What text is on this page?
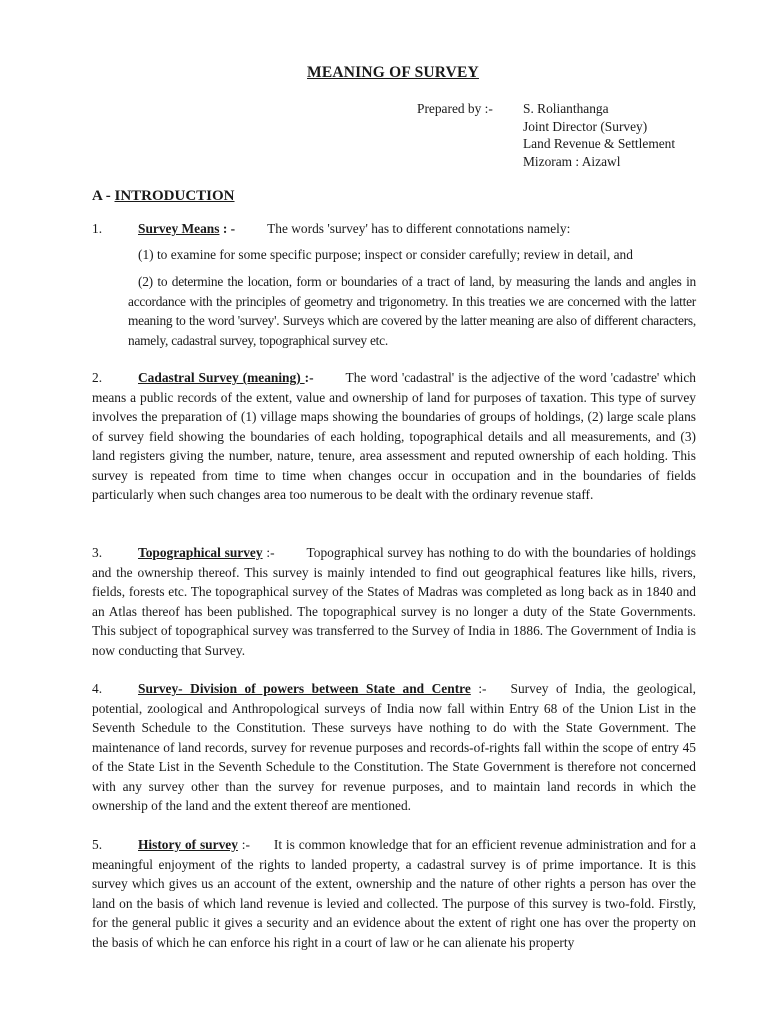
MEANING OF SURVEY
Prepared by :- S. Rolianthanga
Joint Director (Survey)
Land Revenue & Settlement
Mizoram : Aizawl
A - INTRODUCTION
1.	Survey Means : - The words 'survey' has to different connotations namely:
(1) to examine for some specific purpose; inspect or consider carefully; review in detail, and
(2) to determine the location, form or boundaries of a tract of land, by measuring the lands and angles in accordance with the principles of geometry and trigonometry. In this treaties we are concerned with the latter meaning to the word 'survey'. Surveys which are covered by the latter meaning are also of different characters, namely, cadastral survey, topographical survey etc.
2.	Cadastral Survey (meaning) :- The word 'cadastral' is the adjective of the word 'cadastre' which means a public records of the extent, value and ownership of land for purposes of taxation. This type of survey involves the preparation of (1) village maps showing the boundaries of groups of holdings, (2) large scale plans of survey field showing the boundaries of each holding, topographical details and all measurements, and (3) land registers giving the number, nature, tenure, area assessment and reputed ownership of each holding. This survey is repeated from time to time when changes occur in occupation and in the boundaries of fields particularly when such changes area too numerous to be dealt with the ordinary revenue staff.
3.	Topographical survey :- Topographical survey has nothing to do with the boundaries of holdings and the ownership thereof. This survey is mainly intended to find out geographical features like hills, rivers, fields, forests etc. The topographical survey of the States of Madras was completed as long back as in 1840 and an Atlas thereof has been published. The topographical survey is no longer a duty of the State Governments. This subject of topographical survey was transferred to the Survey of India in 1886. The Government of India is now conducting that Survey.
4.	Survey- Division of powers between State and Centre :- Survey of India, the geological, potential, zoological and Anthropological surveys of India now fall within Entry 68 of the Union List in the Seventh Schedule to the Constitution. These surveys have nothing to do with the State Government. The maintenance of land records, survey for revenue purposes and records-of-rights fall within the scope of entry 45 of the State List in the Seventh Schedule to the Constitution. The State Government is therefore not concerned with any survey other than the survey for revenue purposes, and to maintain land records in which the ownership of the land and the extent thereof are mentioned.
5.	History of survey :- It is common knowledge that for an efficient revenue administration and for a meaningful enjoyment of the rights to landed property, a cadastral survey is of prime importance. It is this survey which gives us an account of the extent, ownership and the nature of other rights a person has over the land on the basis of which land revenue is levied and collected. The purpose of this survey is two-fold. Firstly, for the general public it gives a security and an evidence about the extent of right one has over the property on the basis of which he can enforce his right in a court of law or he can alienate his property
